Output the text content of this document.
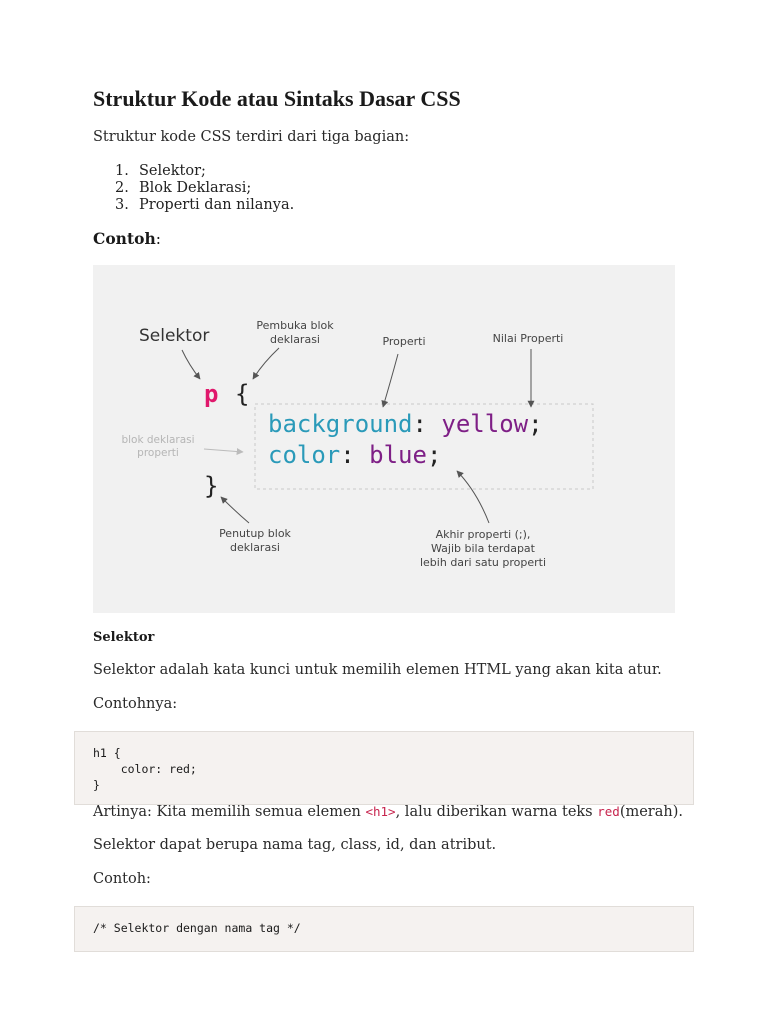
Struktur Kode atau Sintaks Dasar CSS
Struktur kode CSS terdiri dari tiga bagian:
1. Selektor;
2. Blok Deklarasi;
3. Properti dan nilanya.
Contoh:
p {
background: yellow;
color: blue;
}
Selektor
Pembuka blok
deklarasi	Properti	Nilai Properti
blok deklarasi
properti
Penutup blok
deklarasi
Akhir properti (;),
Wajib bila terdapat
lebih dari satu properti
Selektor
Selektor adalah kata kunci untuk memilih elemen HTML yang akan kita atur.
Contohnya:
h1 {
color: red;
}
Artinya: Kita memilih semua elemen <h1>, lalu diberikan warna teks red(merah).
Selektor dapat berupa nama tag, class, id, dan atribut.
Contoh:
/* Selektor dengan nama tag */
